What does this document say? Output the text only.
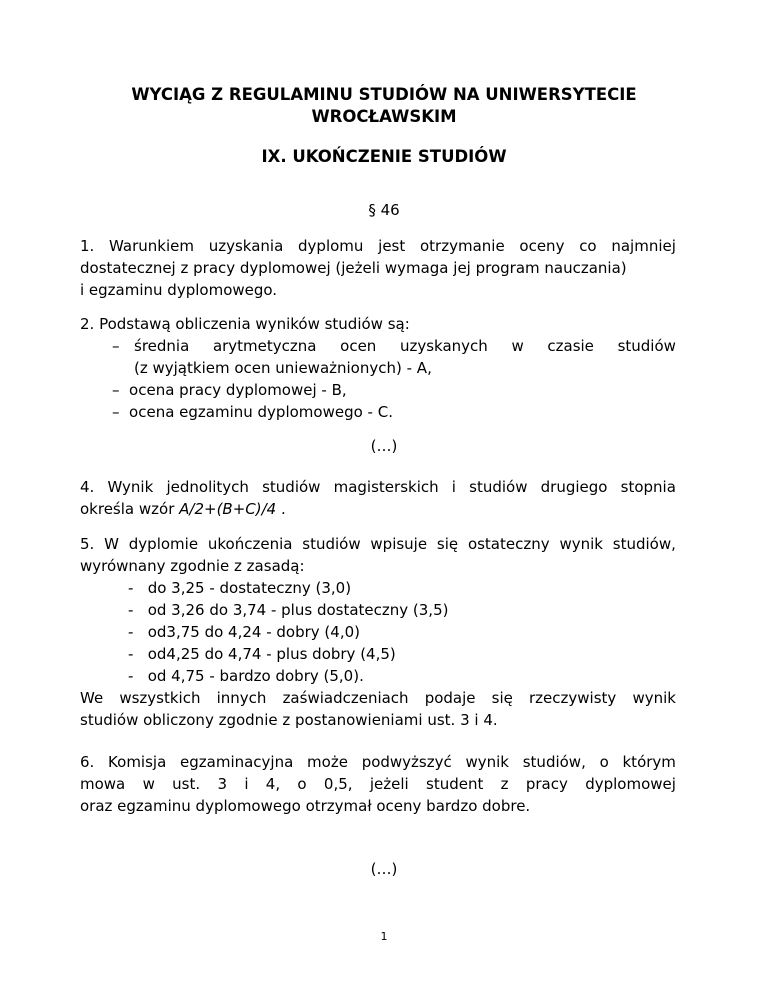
WYCIĄG Z REGULAMINU STUDIÓW NA UNIWERSYTECIE
WROCŁAWSKIM
IX. UKOŃCZENIE STUDIÓW

§ 46

1. Warunkiem uzyskania dyplomu jest otrzymanie oceny co najmniej
dostatecznej z pracy dyplomowej (jeżeli wymaga jej program nauczania)
i egzaminu dyplomowego.
2. Podstawą obliczenia wyników studiów są:
– średnia arytmetyczna ocen uzyskanych w czasie studiów
(z wyjątkiem ocen unieważnionych) - A,
–  ocena pracy dyplomowej - B,
–  ocena egzaminu dyplomowego - C.

(…)

4. Wynik jednolitych studiów magisterskich i studiów drugiego stopnia
określa wzór A/2+(B+C)/4 .
5. W dyplomie ukończenia studiów wpisuje się ostateczny wynik studiów,
wyrównany zgodnie z zasadą:
-   do 3,25 - dostateczny (3,0)
-   od 3,26 do 3,74 - plus dostateczny (3,5)
-   od3,75 do 4,24 - dobry (4,0)
-   od4,25 do 4,74 - plus dobry (4,5)
-   od 4,75 - bardzo dobry (5,0).
We wszystkich innych zaświadczeniach podaje się rzeczywisty wynik
studiów obliczony zgodnie z postanowieniami ust. 3 i 4.
6. Komisja egzaminacyjna może podwyższyć wynik studiów, o którym
mowa w ust. 3 i 4, o 0,5, jeżeli student z pracy dyplomowej
oraz egzaminu dyplomowego otrzymał oceny bardzo dobre.

(…)

1
